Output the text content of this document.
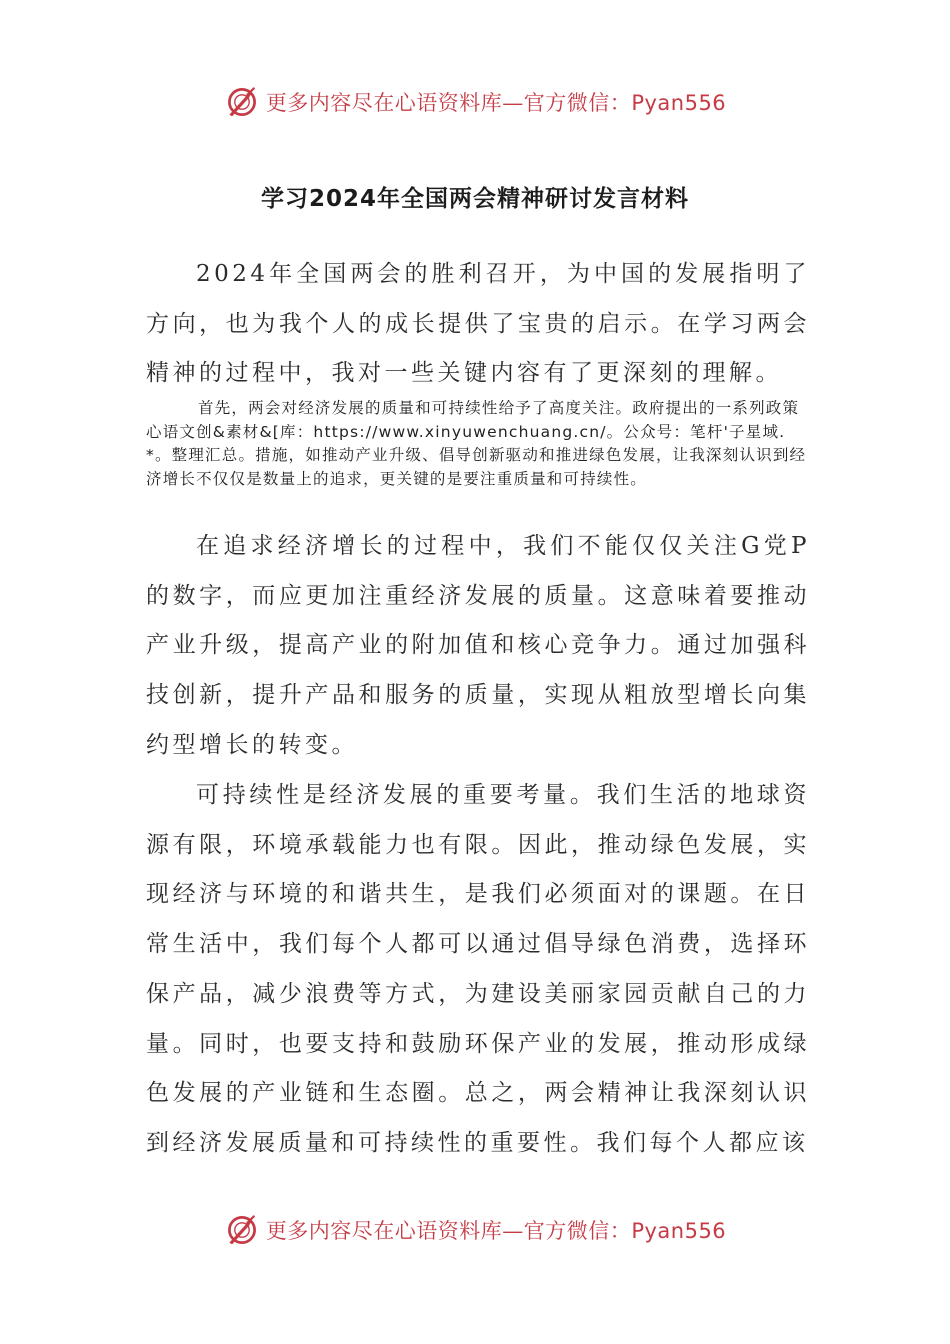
更多内容尽在心语资料库—官方微信：Pyan556
学习2024年全国两会精神研讨发言材料

2024年全国两会的胜利召开，为中国的发展指明了方向，也为我个人的成长提供了宝贵的启示。在学习两会精神的过程中，我对一些关键内容有了更深刻的理解。

首先，两会对经济发展的质量和可持续性给予了高度关注。政府提出的一系列政策心语文创&素材&[库：https://www.xinyuwenchuang.cn/。公众号：笔杆'子星域.*。整理汇总。措施，如推动产业升级、倡导创新驱动和推进绿色发展，让我深刻认识到经济增长不仅仅是数量上的追求，更关键的是要注重质量和可持续性。

在追求经济增长的过程中，我们不能仅仅关注G党P的数字，而应更加注重经济发展的质量。这意味着要推动产业升级，提高产业的附加值和核心竞争力。通过加强科技创新，提升产品和服务的质量，实现从粗放型增长向集约型增长的转变。

可持续性是经济发展的重要考量。我们生活的地球资源有限，环境承载能力也有限。因此，推动绿色发展，实现经济与环境的和谐共生，是我们必须面对的课题。在日常生活中，我们每个人都可以通过倡导绿色消费，选择环保产品，减少浪费等方式，为建设美丽家园贡献自己的力量。同时，也要支持和鼓励环保产业的发展，推动形成绿色发展的产业链和生态圈。总之，两会精神让我深刻认识到经济发展质量和可持续性的重要性。我们每个人都应该

更多内容尽在心语资料库—官方微信：Pyan556
